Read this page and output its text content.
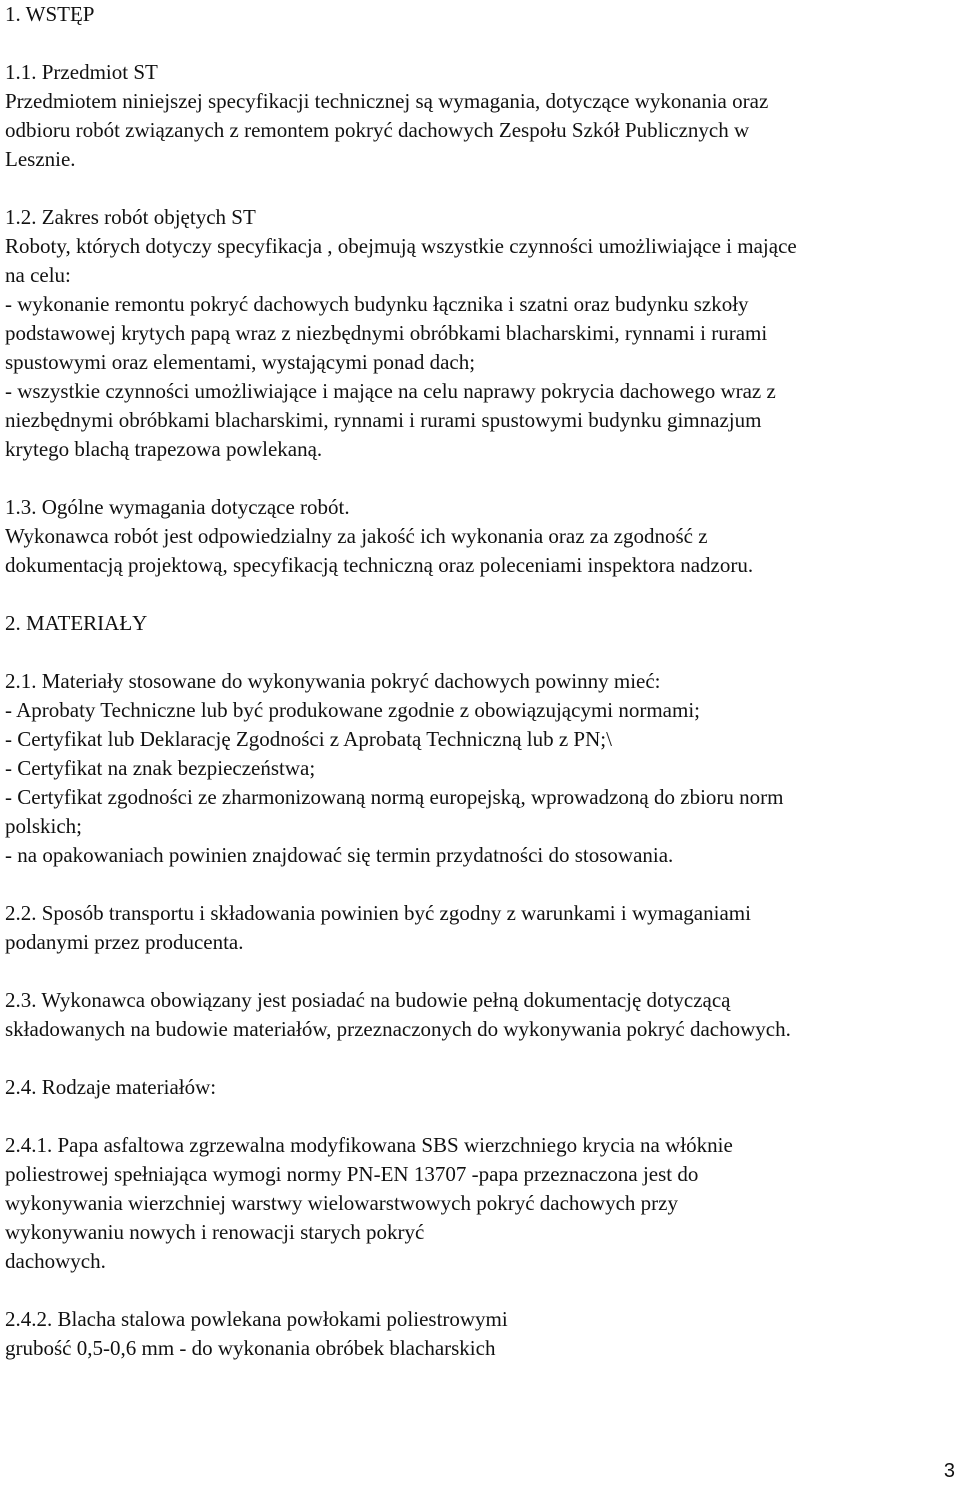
1. WSTĘP

1.1. Przedmiot ST
Przedmiotem niniejszej specyfikacji technicznej są wymagania, dotyczące wykonania oraz
odbioru robót związanych z remontem pokryć dachowych Zespołu Szkół Publicznych w
Lesznie.
1.2. Zakres robót objętych ST
Roboty, których dotyczy specyfikacja , obejmują wszystkie czynności umożliwiające i mające
na celu:
- wykonanie remontu pokryć dachowych budynku łącznika i szatni oraz budynku szkoły
podstawowej krytych papą wraz z niezbędnymi obróbkami blacharskimi, rynnami i rurami
spustowymi oraz elementami, wystającymi ponad dach;
- wszystkie czynności umożliwiające i mające na celu naprawy pokrycia dachowego wraz z
niezbędnymi obróbkami blacharskimi, rynnami i rurami spustowymi budynku gimnazjum
krytego blachą trapezowa powlekaną.
1.3. Ogólne wymagania dotyczące robót.
Wykonawca robót jest odpowiedzialny za jakość ich wykonania oraz za zgodność z
dokumentacją projektową, specyfikacją techniczną oraz poleceniami inspektora nadzoru.

2. MATERIAŁY

2.1. Materiały stosowane do wykonywania pokryć dachowych powinny mieć:
- Aprobaty Techniczne lub być produkowane zgodnie z obowiązującymi normami;
- Certyfikat lub Deklarację Zgodności z Aprobatą Techniczną lub z PN;\
- Certyfikat na znak bezpieczeństwa;
- Certyfikat zgodności ze zharmonizowaną normą europejską, wprowadzoną do zbioru norm
polskich;
- na opakowaniach powinien znajdować się termin przydatności do stosowania.
2.2. Sposób transportu i składowania powinien być zgodny z warunkami i wymaganiami
podanymi przez producenta.
2.3. Wykonawca obowiązany jest posiadać na budowie pełną dokumentację dotyczącą
składowanych na budowie materiałów, przeznaczonych do wykonywania pokryć dachowych.

2.4. Rodzaje materiałów:

2.4.1. Papa asfaltowa zgrzewalna modyfikowana SBS wierzchniego krycia na włóknie
poliestrowej spełniająca wymogi normy PN-EN 13707 -papa przeznaczona jest do
wykonywania wierzchniej warstwy wielowarstwowych pokryć dachowych przy
wykonywaniu nowych i renowacji starych pokryć
dachowych.
2.4.2. Blacha stalowa powlekana powłokami poliestrowymi
grubość 0,5-0,6 mm - do wykonania obróbek blacharskich
3
